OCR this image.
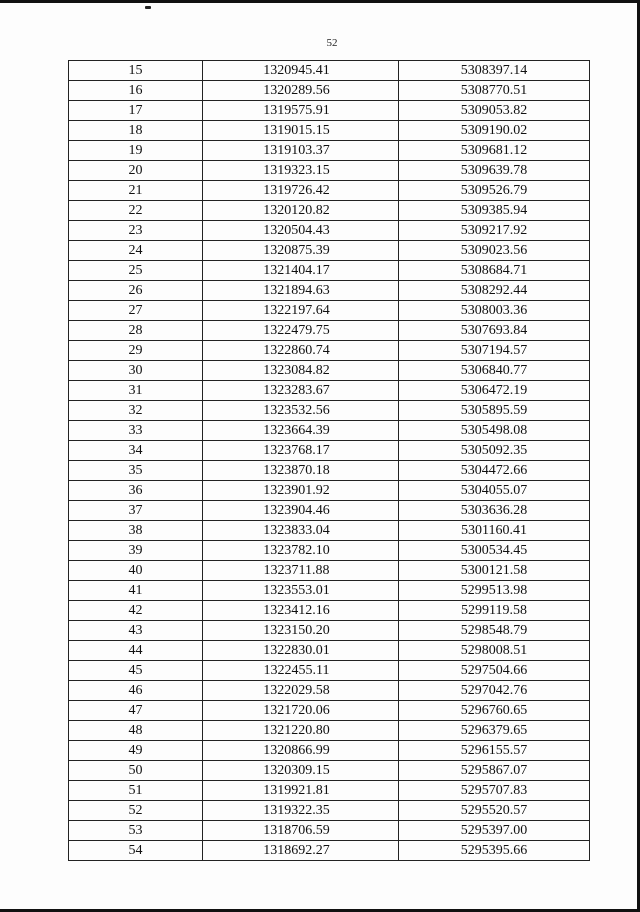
52
15	1320945.41	5308397.14
16	1320289.56	5308770.51
17	1319575.91	5309053.82
18	1319015.15	5309190.02
19	1319103.37	5309681.12
20	1319323.15	5309639.78
21	1319726.42	5309526.79
22	1320120.82	5309385.94
23	1320504.43	5309217.92
24	1320875.39	5309023.56
25	1321404.17	5308684.71
26	1321894.63	5308292.44
27	1322197.64	5308003.36
28	1322479.75	5307693.84
29	1322860.74	5307194.57
30	1323084.82	5306840.77
31	1323283.67	5306472.19
32	1323532.56	5305895.59
33	1323664.39	5305498.08
34	1323768.17	5305092.35
35	1323870.18	5304472.66
36	1323901.92	5304055.07
37	1323904.46	5303636.28
38	1323833.04	5301160.41
39	1323782.10	5300534.45
40	1323711.88	5300121.58
41	1323553.01	5299513.98
42	1323412.16	5299119.58
43	1323150.20	5298548.79
44	1322830.01	5298008.51
45	1322455.11	5297504.66
46	1322029.58	5297042.76
47	1321720.06	5296760.65
48	1321220.80	5296379.65
49	1320866.99	5296155.57
50	1320309.15	5295867.07
51	1319921.81	5295707.83
52	1319322.35	5295520.57
53	1318706.59	5295397.00
54	1318692.27	5295395.66
